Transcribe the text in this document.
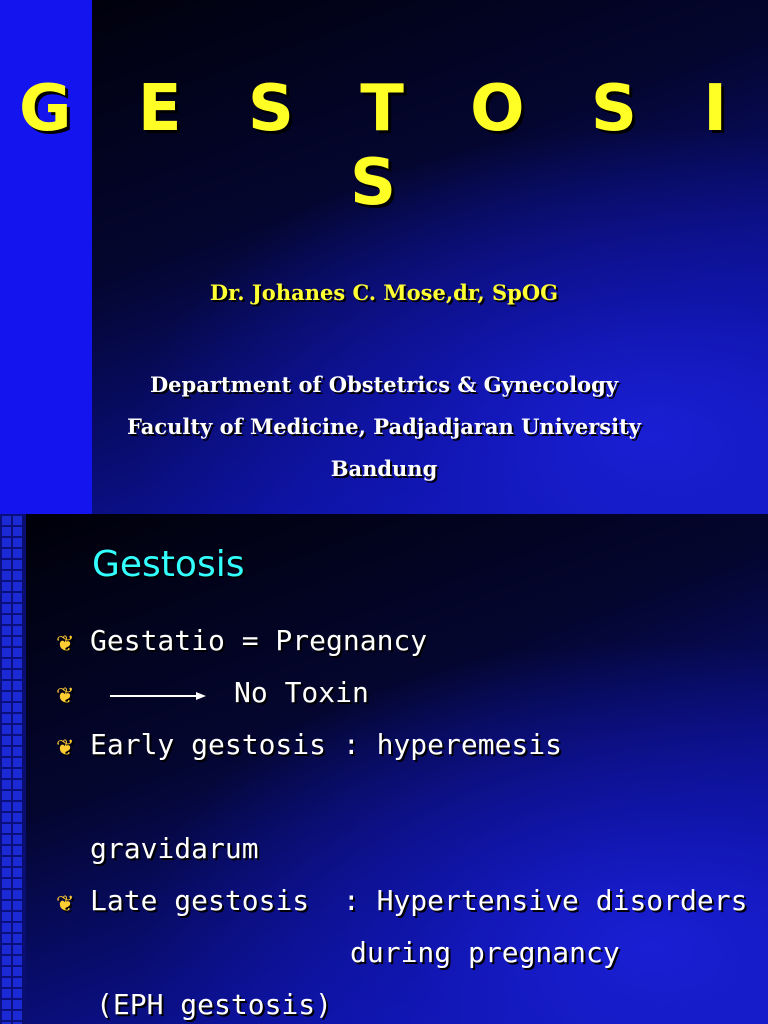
G E S T O S I S
Dr. Johanes C. Mose,dr, SpOG
Department of Obstetrics & Gynecology
Faculty of Medicine, Padjadjaran University
Bandung
Gestosis

❦

Gestatio = Pregnancy

❦

	No Toxin

❦

Early gestosis : hyperemesis

gravidarum

❦

Late gestosis  : Hypertensive disorders

during pregnancy

(EPH gestosis)
